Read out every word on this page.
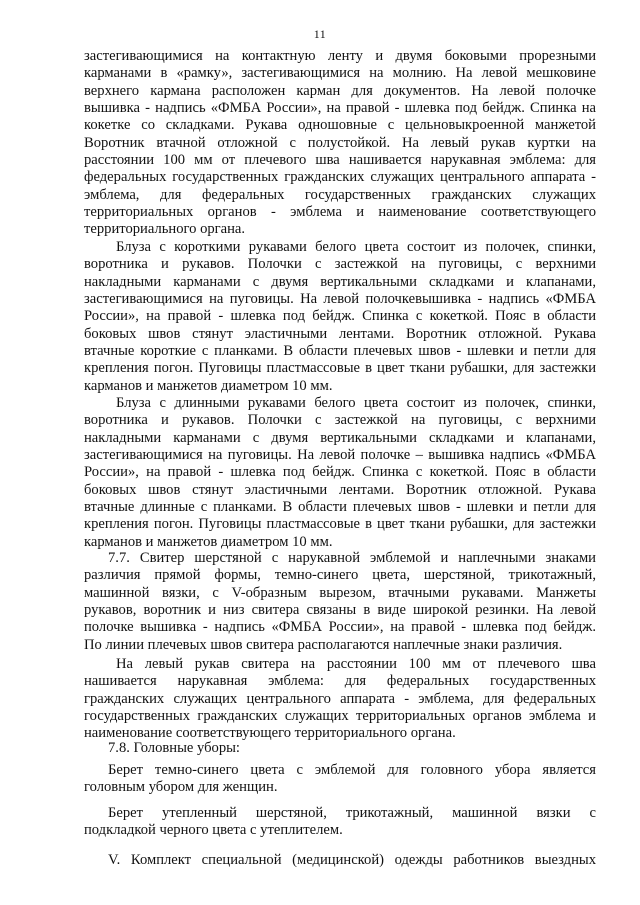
11
застегивающимися на контактную ленту и двумя боковыми прорезными
карманами в «рамку», застегивающимися на молнию. На левой мешковине
верхнего кармана расположен карман для документов. На левой полочке
вышивка - надпись «ФМБА России», на правой - шлевка под бейдж. Спинка на
кокетке со складками. Рукава одношовные с цельновыкроенной манжетой
Воротник втачной отложной с полустойкой. На левый рукав куртки на
расстоянии 100 мм от плечевого шва нашивается нарукавная эмблема: для
федеральных государственных гражданских служащих центрального аппарата -
эмблема, для федеральных государственных гражданских служащих
территориальных органов - эмблема и наименование соответствующего
территориального органа.
Блуза с короткими рукавами белого цвета состоит из полочек, спинки,
воротника и рукавов. Полочки с застежкой на пуговицы, с верхними
накладными карманами с двумя вертикальными складками и клапанами,
застегивающимися на пуговицы. На левой полочкевышивка - надпись «ФМБА
России», на правой - шлевка под бейдж. Спинка с кокеткой. Пояс в области
боковых швов стянут эластичными лентами. Воротник отложной. Рукава
втачные короткие с планками. В области плечевых швов - шлевки и петли для
крепления погон. Пуговицы пластмассовые в цвет ткани рубашки, для застежки
карманов и манжетов диаметром 10 мм.
Блуза с длинными рукавами белого цвета состоит из полочек, спинки,
воротника и рукавов. Полочки с застежкой на пуговицы, с верхними
накладными карманами с двумя вертикальными складками и клапанами,
застегивающимися на пуговицы. На левой полочке – вышивка надпись «ФМБА
России», на правой - шлевка под бейдж. Спинка с кокеткой. Пояс в области
боковых швов стянут эластичными лентами. Воротник отложной. Рукава
втачные длинные с планками. В области плечевых швов - шлевки и петли для
крепления погон. Пуговицы пластмассовые в цвет ткани рубашки, для застежки
карманов и манжетов диаметром 10 мм.
7.7. Свитер шерстяной с нарукавной эмблемой и наплечными знаками
различия прямой формы, темно-синего цвета, шерстяной, трикотажный,
машинной вязки, с V-образным вырезом, втачными рукавами. Манжеты
рукавов, воротник и низ свитера связаны в виде широкой резинки. На левой
полочке вышивка - надпись «ФМБА России», на правой - шлевка под бейдж.
По линии плечевых швов свитера располагаются наплечные знаки различия.
На левый рукав свитера на расстоянии 100 мм от плечевого шва
нашивается нарукавная эмблема: для федеральных государственных
гражданских служащих центрального аппарата - эмблема, для федеральных
государственных гражданских служащих территориальных органов эмблема и
наименование соответствующего территориального органа.
7.8. Головные уборы:
Берет темно-синего цвета с эмблемой для головного убора является
головным убором для женщин.
Берет утепленный шерстяной, трикотажный, машинной вязки с
подкладкой черного цвета с утеплителем.
V. Комплект специальной (медицинской) одежды работников выездных
